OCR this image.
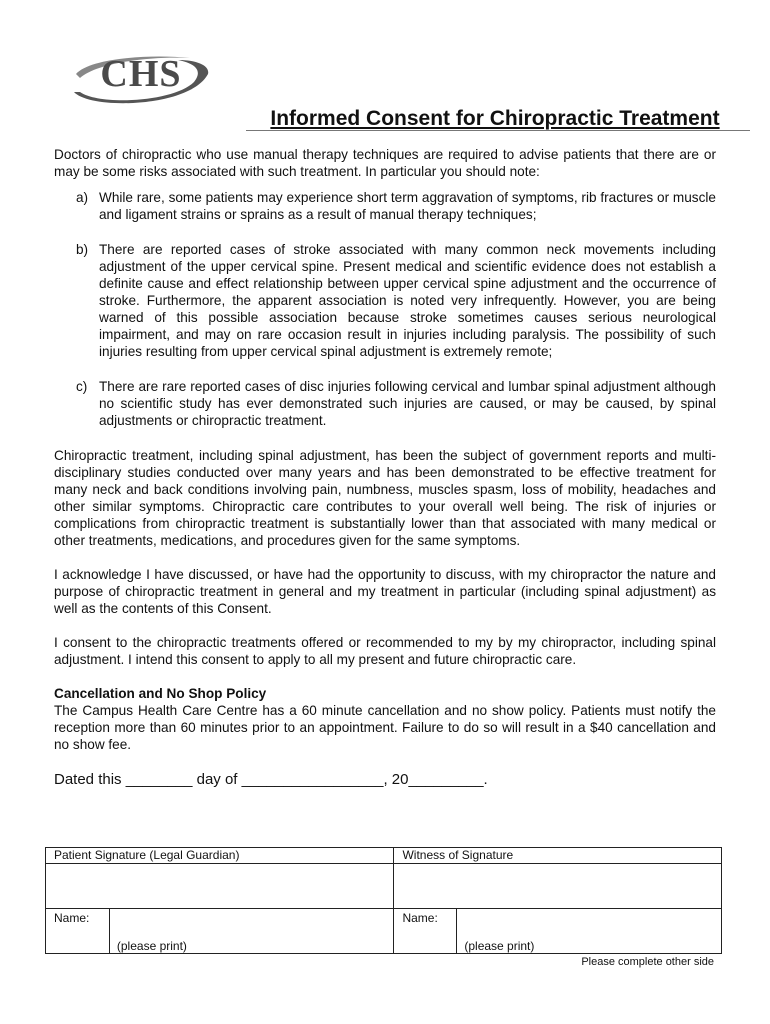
CHS
Informed Consent for Chiropractic Treatment

Doctors of chiropractic who use manual therapy techniques are required to advise patients that there are or may be some risks associated with such treatment. In particular you should note:

a) While rare, some patients may experience short term aggravation of symptoms, rib fractures or muscle and ligament strains or sprains as a result of manual therapy techniques;

b) There are reported cases of stroke associated with many common neck movements including adjustment of the upper cervical spine. Present medical and scientific evidence does not establish a definite cause and effect relationship between upper cervical spine adjustment and the occurrence of stroke. Furthermore, the apparent association is noted very infrequently. However, you are being warned of this possible association because stroke sometimes causes serious neurological impairment, and may on rare occasion result in injuries including paralysis. The possibility of such injuries resulting from upper cervical spinal adjustment is extremely remote;

c) There are rare reported cases of disc injuries following cervical and lumbar spinal adjustment although no scientific study has ever demonstrated such injuries are caused, or may be caused, by spinal adjustments or chiropractic treatment.

Chiropractic treatment, including spinal adjustment, has been the subject of government reports and multi-disciplinary studies conducted over many years and has been demonstrated to be effective treatment for many neck and back conditions involving pain, numbness, muscles spasm, loss of mobility, headaches and other similar symptoms. Chiropractic care contributes to your overall well being. The risk of injuries or complications from chiropractic treatment is substantially lower than that associated with many medical or other treatments, medications, and procedures given for the same symptoms.

I acknowledge I have discussed, or have had the opportunity to discuss, with my chiropractor the nature and purpose of chiropractic treatment in general and my treatment in particular (including spinal adjustment) as well as the contents of this Consent.

I consent to the chiropractic treatments offered or recommended to my by my chiropractor, including spinal adjustment. I intend this consent to apply to all my present and future chiropractic care.

Cancellation and No Shop Policy

The Campus Health Care Centre has a 60 minute cancellation and no show policy. Patients must notify the reception more than 60 minutes prior to an appointment. Failure to do so will result in a $40 cancellation and no show fee.

Dated this ________ day of _________________, 20_________.

Patient Signature (Legal Guardian)		Witness of Signature	

Name:	(please print)	Name:	(please print)
Please complete other side
